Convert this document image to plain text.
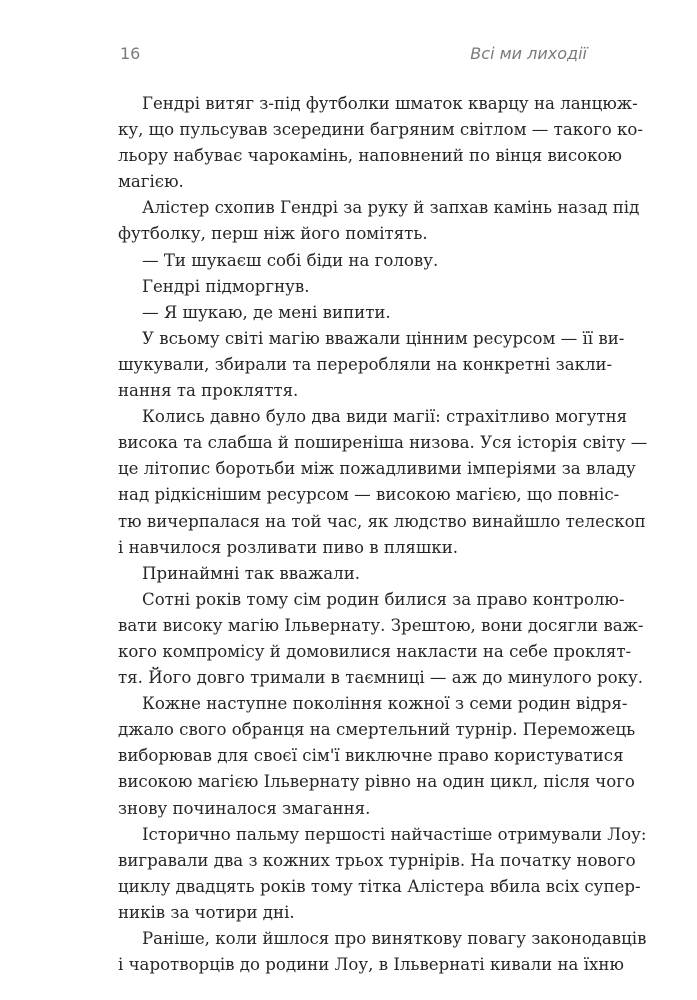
16	Всі ми лиходії
Гендрі витяг з-під футболки шматок кварцу на ланцюж-
ку, що пульсував зсередини багряним світлом — такого ко-
льору набуває чарокамінь, наповнений по вінця високою
магією.
Алістер схопив Гендрі за руку й запхав камінь назад під
футболку, перш ніж його помітять.
— Ти шукаєш собі біди на голову.
Гендрі підморгнув.
— Я шукаю, де мені випити.
У всьому світі магію вважали цінним ресурсом — її ви-
шукували, збирали та переробляли на конкретні закли-
нання та прокляття.
Колись давно було два види магії: страхітливо могутня
висока та слабша й поширеніша низова. Уся історія світу —
це літопис боротьби між пожадливими імперіями за владу
над рідкіснішим ресурсом — високою магією, що повніс-
тю вичерпалася на той час, як людство винайшло телескоп
і навчилося розливати пиво в пляшки.
Принаймні так вважали.
Сотні років тому сім родин билися за право контролю-
вати високу магію Ільвернату. Зрештою, вони досягли важ-
кого компромісу й домовилися накласти на себе проклят-
тя. Його довго тримали в таємниці — аж до минулого року.
Кожне наступне покоління кожної з семи родин відря-
джало свого обранця на смертельний турнір. Переможець
виборював для своєї сім'ї виключне право користуватися
високою магією Ільвернату рівно на один цикл, після чого
знову починалося змагання.
Історично пальму першості найчастіше отримували Лоу:
вигравали два з кожних трьох турнірів. На початку нового
циклу двадцять років тому тітка Алістера вбила всіх супер-
ників за чотири дні.
Раніше, коли йшлося про виняткову повагу законодавців
і чаротворців до родини Лоу, в Ільвернаті кивали на їхню
